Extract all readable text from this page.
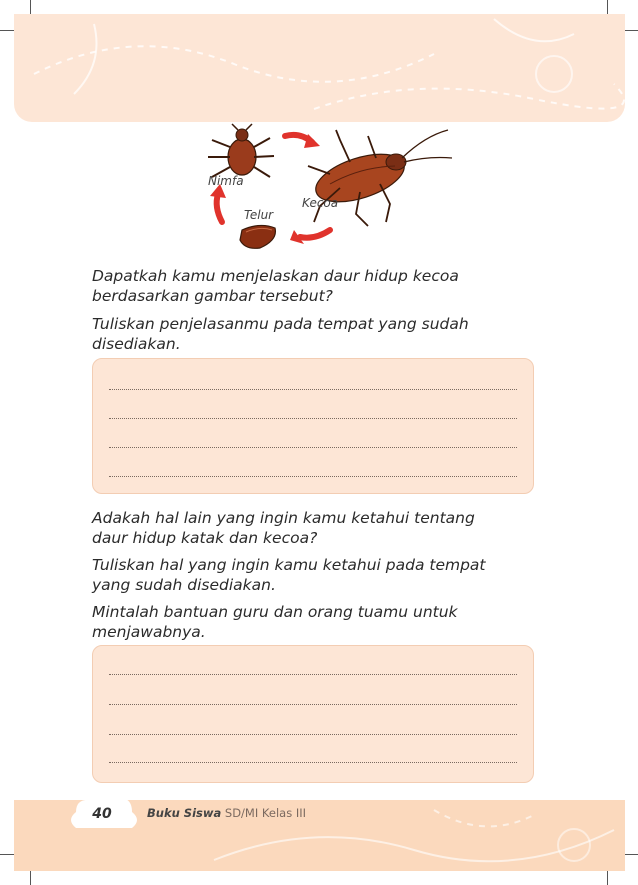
Nimfa
Telur
Kecoa
Dapatkah kamu menjelaskan daur hidup kecoa
berdasarkan gambar tersebut?
Tuliskan penjelasanmu pada tempat yang sudah
disediakan.
Adakah hal lain yang ingin kamu ketahui tentang
daur hidup katak dan kecoa?
Tuliskan hal yang ingin kamu ketahui pada tempat
yang sudah disediakan.
Mintalah bantuan guru dan orang tuamu untuk
menjawabnya.
40	Buku Siswa SD/MI Kelas III
